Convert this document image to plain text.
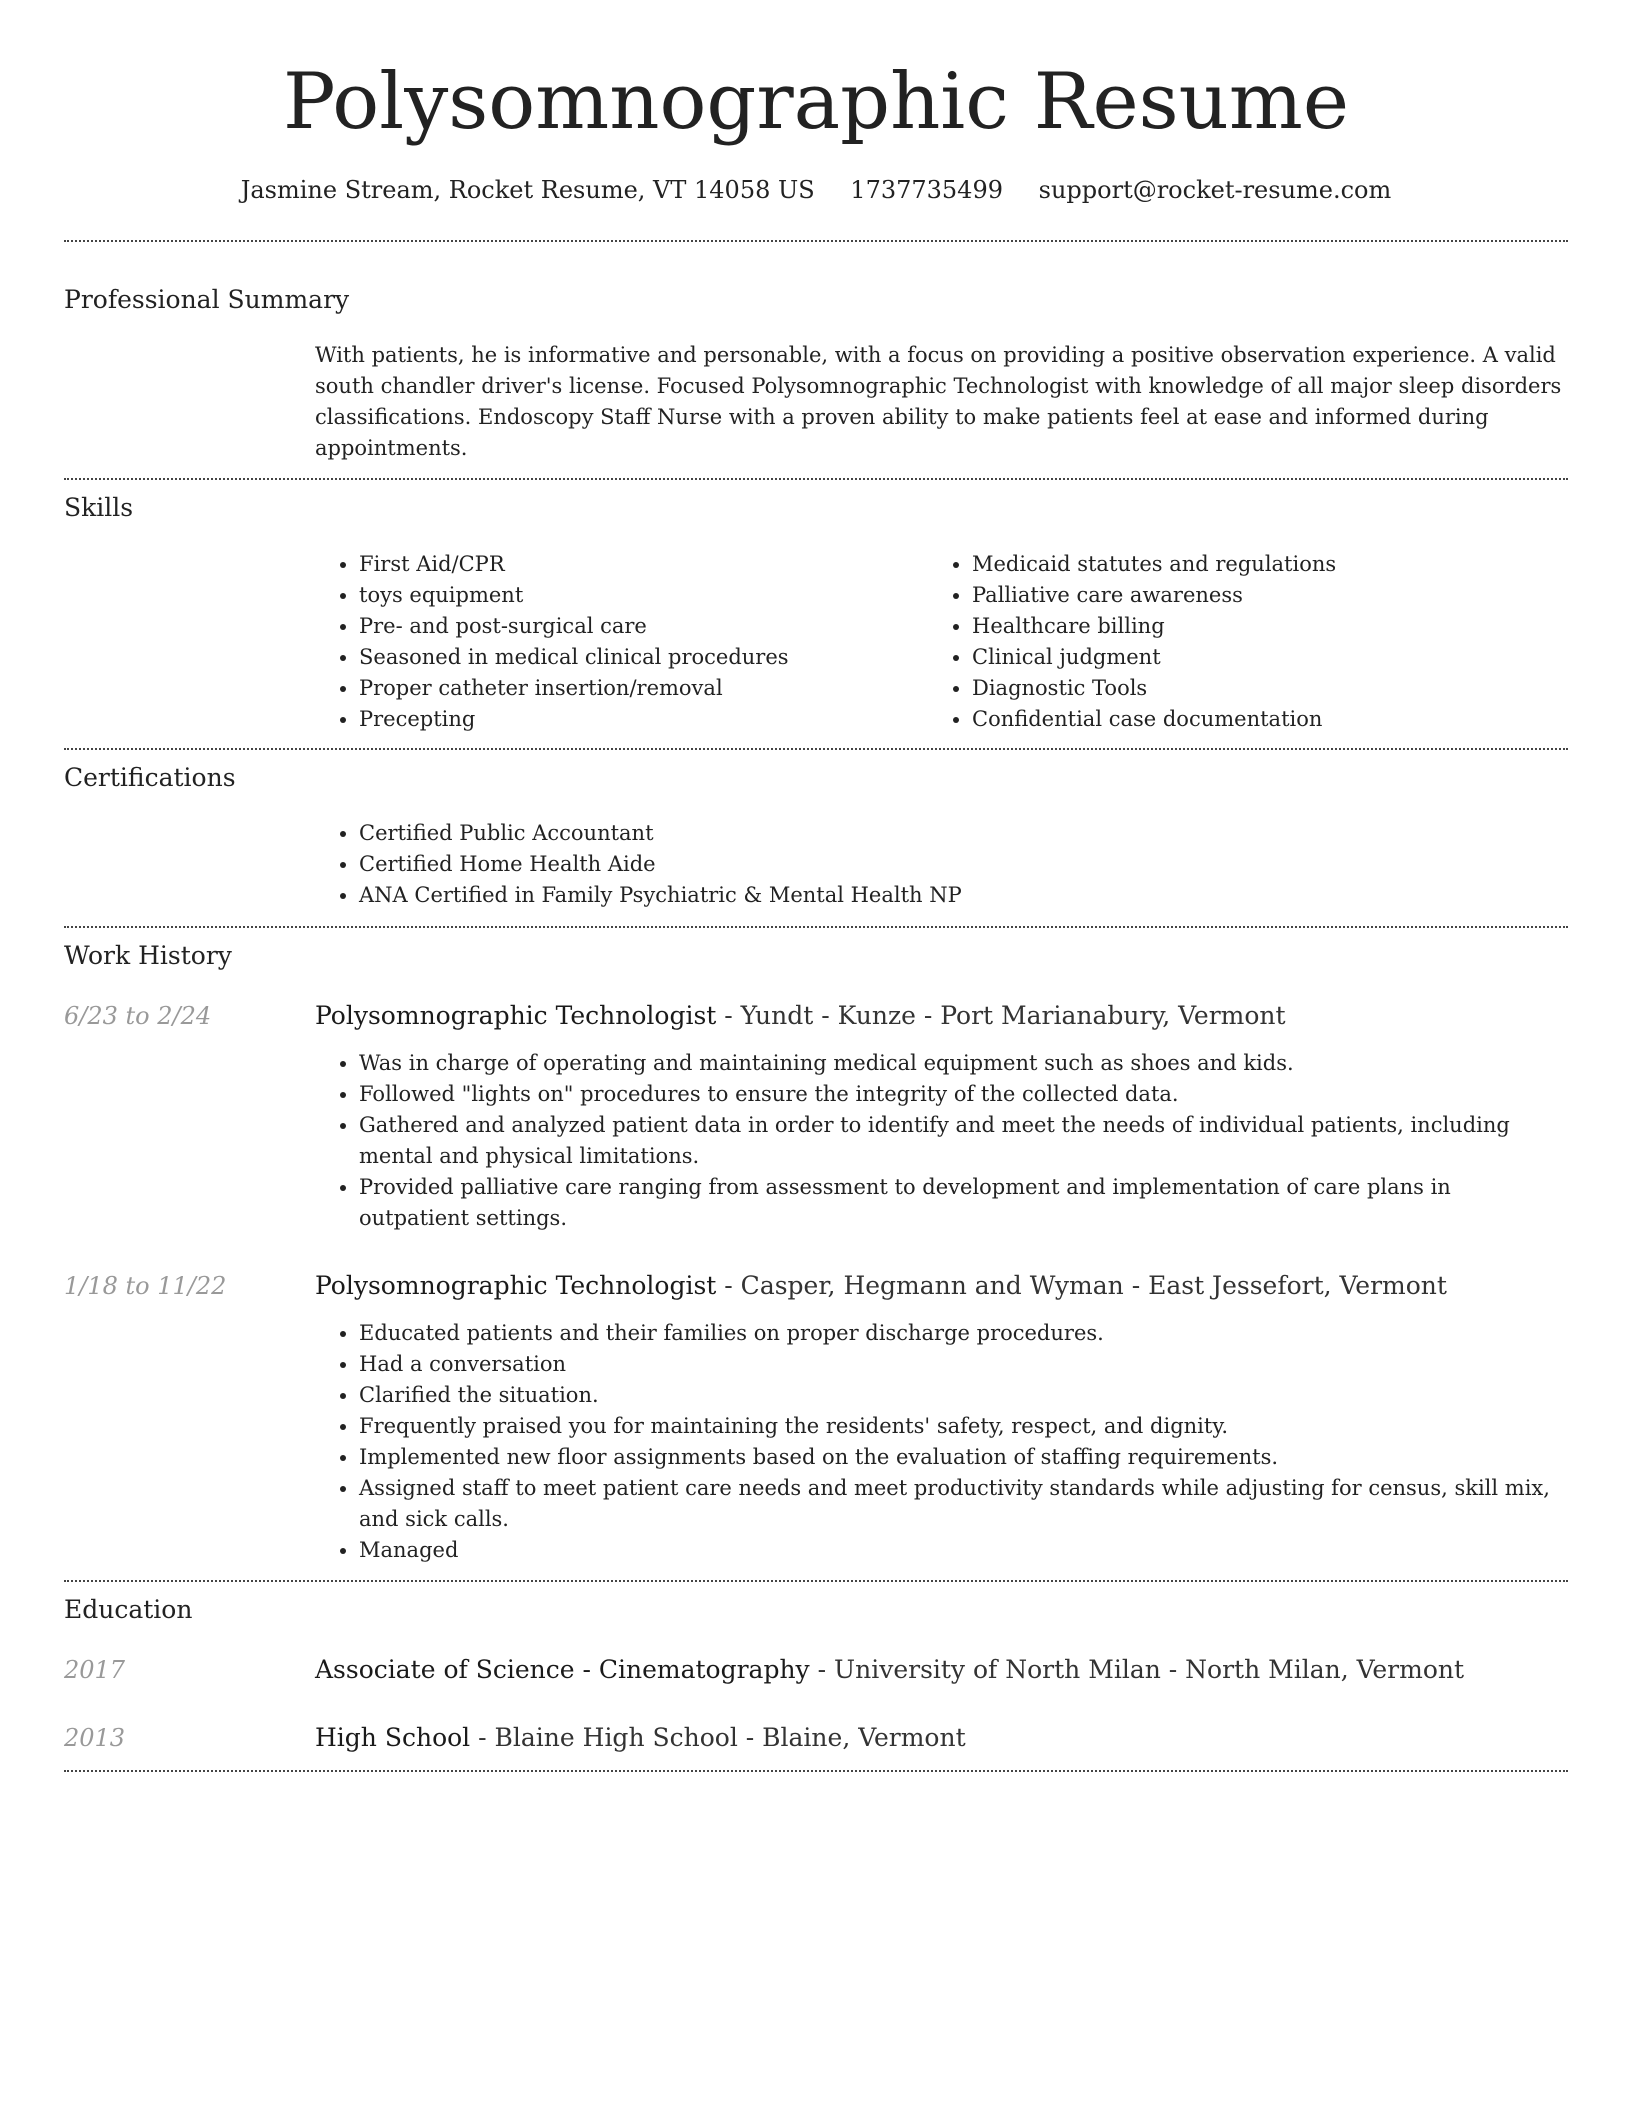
Polysomnographic Resume
Jasmine Stream, Rocket Resume, VT 14058 US 1737735499 support@rocket-resume.com
Professional Summary

With patients, he is informative and personable, with a focus on providing a positive observation experience. A valid south chandler driver's license. Focused Polysomnographic Technologist with knowledge of all major sleep disorders classifications. Endoscopy Staff Nurse with a proven ability to make patients feel at ease and informed during appointments.

Skills
• First Aid/CPR
• toys equipment
• Pre- and post-surgical care
• Seasoned in medical clinical procedures
• Proper catheter insertion/removal
• Precepting
• Medicaid statutes and regulations
• Palliative care awareness
• Healthcare billing
• Clinical judgment
• Diagnostic Tools
• Confidential case documentation
Certifications
• Certified Public Accountant
• Certified Home Health Aide
• ANA Certified in Family Psychiatric & Mental Health NP
Work History
6/23 to 2/24	Polysomnographic Technologist - Yundt - Kunze - Port Marianabury, Vermont
• Was in charge of operating and maintaining medical equipment such as shoes and kids.
• Followed "lights on" procedures to ensure the integrity of the collected data.
• Gathered and analyzed patient data in order to identify and meet the needs of individual patients, including mental and physical limitations.
• Provided palliative care ranging from assessment to development and implementation of care plans in outpatient settings.
1/18 to 11/22	Polysomnographic Technologist - Casper, Hegmann and Wyman - East Jessefort, Vermont
• Educated patients and their families on proper discharge procedures.
• Had a conversation
• Clarified the situation.
• Frequently praised you for maintaining the residents' safety, respect, and dignity.
• Implemented new floor assignments based on the evaluation of staffing requirements.
• Assigned staff to meet patient care needs and meet productivity standards while adjusting for census, skill mix, and sick calls.
• Managed
Education
2017	Associate of Science - Cinematography - University of North Milan - North Milan, Vermont
2013	High School - Blaine High School - Blaine, Vermont
